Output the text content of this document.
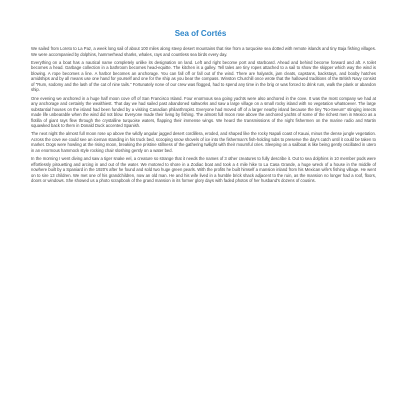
Sea of Cortés

We sailed from Loreto to La Paz, a week long sail of about 100 miles along steep desert mountains that rise from a turquoise sea dotted with remote islands and tiny Baja fishing villages. We were accompanied by dolphins, hammerhead sharks, whales, rays and countless sea birds every day.

Everything on a boat has a nautical name completely unlike its designation on land. Left and right become port and starboard. Ahead and behind become forward and aft. A toilet becomes a head. Garbage collection in a bathroom becomes head-equitte. The kitchen is a galley. Tell tales are tiny ropes attached to a sail to show the skipper which way the wind is blowing. A rope becomes a line. A harbor becomes an anchorage. You can fall off or fall out of the wind. There are halyards, jam cleats, capstans, backstays, and booby hatches amidships and by all means use one hand for yourself and one for the ship as you bear the compass. Winston Churchill once wrote that the hallowed traditions of the British Navy consist of "Rum, sodomy and the lash of the cat of nine tails." Fortunately none of our crew was flogged, had to spend any time in the brig or was forced to drink rum, walk the plank or abandon ship.

One evening we anchored in a huge half moon cove off of San Francisco Island. Four enormous sea going yachts were also anchored in the cove. It was the most company we had at any anchorage and certainly the wealthiest. That day we had sailed past abandoned saltworks and saw a large village on a small rocky island with no vegetation whatsoever. The large substantial houses on the island had been funded by a visiting Canadian philanthropist. Everyone had moved off of a larger nearby island because the tiny "No-Seeum" stinging insects made life unbearable when the wind did not blow. Everyone made their living by fishing. The almost full moon rose above the anchored yachts of some of the richest men in Mexico as a flotilla of giant rays flew through the crystalline turquoise waters, flapping their immense wings. We heard the transmissions of the night fishermen on the marine radio and Martin squawked back to them in Donald Duck accented Spanish.

The next night the almost full moon rose up above the wildly angular jagged desert cordillera, eroded, and shaped like the rocky Napali coast of Kauai, minus the dense jungle vegetation. Across the cove we could see an iceman standing in his truck bed, scooping snow shovels of ice into the fisherman's fish-holding tubs to preserve the day's catch until it could be taken to market. Dogs were howling at the rising moon, breaking the pristine stillness of the gathering twilight with their mournful cries. Sleeping on a sailboat is like being gently oscillated in utero in an enormous hammock style rocking chair sloshing gently on a water bed.

In the morning I went diving and saw a tiger snake eel, a creature so strange that it needs the names of 3 other creatures to fully describe it. Out to sea dolphins in 10 member pods were effortlessly pirouetting and arcing in and out of the water. We motored to shore in a Zodiac boat and took a 4 mile hike to La Casa Grande, a huge wreck of a house in the middle of nowhere built by a Spaniard in the 1920's after he found and sold two huge green pearls. With the profits he built himself a mansion inland from his Mexican wife's fishing village. He went on to sire 13 children. We met one of his grandchildren, now an old man. He and his wife lived in a humble brick shack adjacent to the ruin, as the mansion no longer had a roof, floors, doors or windows. She showed us a photo scrapbook of the grand mansion in its former glory days with faded photos of her husband's dozens of cousins.
